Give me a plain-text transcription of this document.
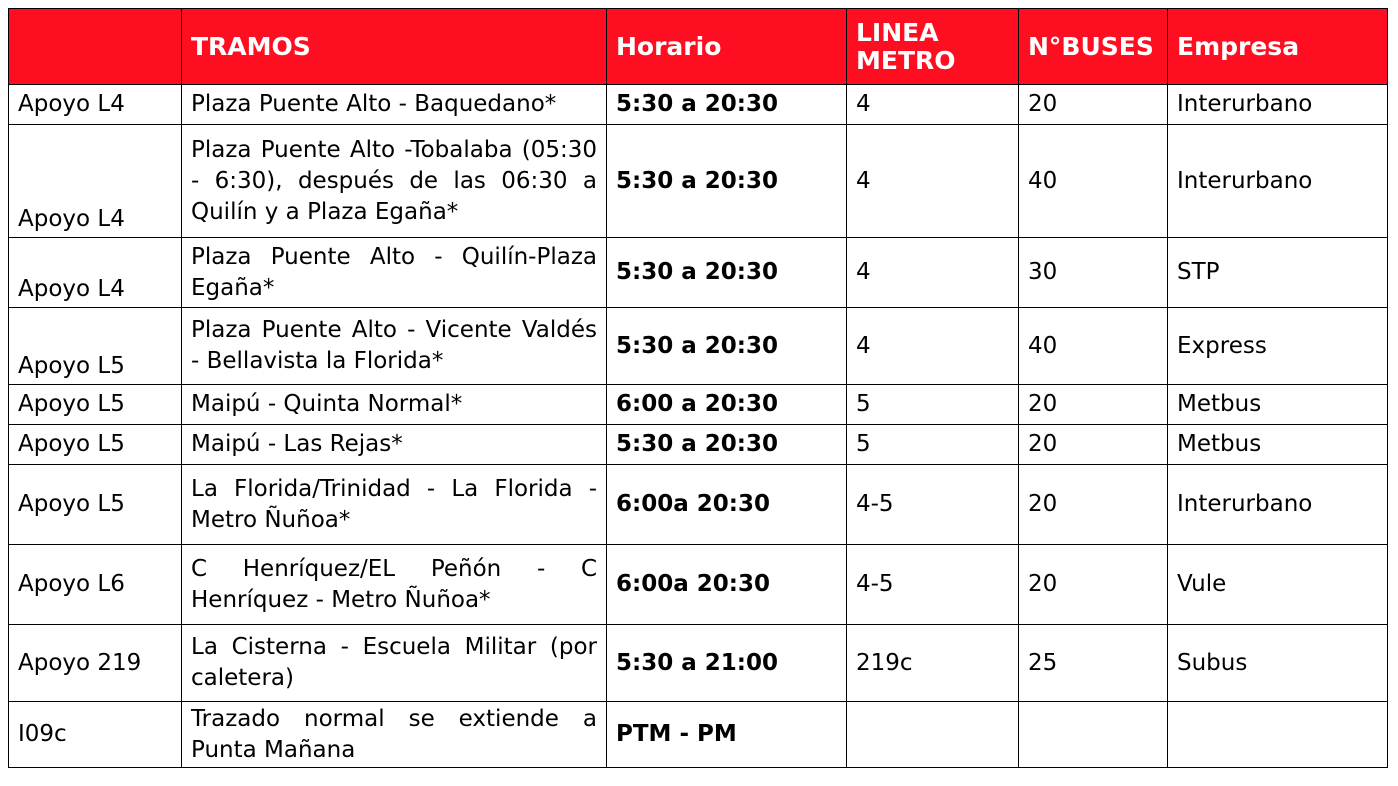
	TRAMOS	Horario	LINEA METRO	N°BUSES	Empresa
Apoyo L4	Plaza Puente Alto - Baquedano*	5:30 a 20:30	4	20	Interurbano
Apoyo L4	Plaza Puente Alto -Tobalaba (05:30 - 6:30), después de las 06:30 a Quilín y a Plaza Egaña*	5:30 a 20:30	4	40	Interurbano
Apoyo L4	Plaza Puente Alto - Quilín-Plaza Egaña*	5:30 a 20:30	4	30	STP
Apoyo L5	Plaza Puente Alto - Vicente Valdés - Bellavista la Florida*	5:30 a 20:30	4	40	Express
Apoyo L5	Maipú - Quinta Normal*	6:00 a 20:30	5	20	Metbus
Apoyo L5	Maipú - Las Rejas*	5:30 a 20:30	5	20	Metbus
Apoyo L5	La Florida/Trinidad - La Florida - Metro Ñuñoa*	6:00a 20:30	4-5	20	Interurbano
Apoyo L6	C Henríquez/EL Peñón - C Henríquez - Metro Ñuñoa*	6:00a 20:30	4-5	20	Vule
Apoyo 219	La Cisterna - Escuela Militar (por caletera)	5:30 a 21:00	219c	25	Subus
I09c	Trazado normal se extiende a Punta Mañana	PTM - PM			
